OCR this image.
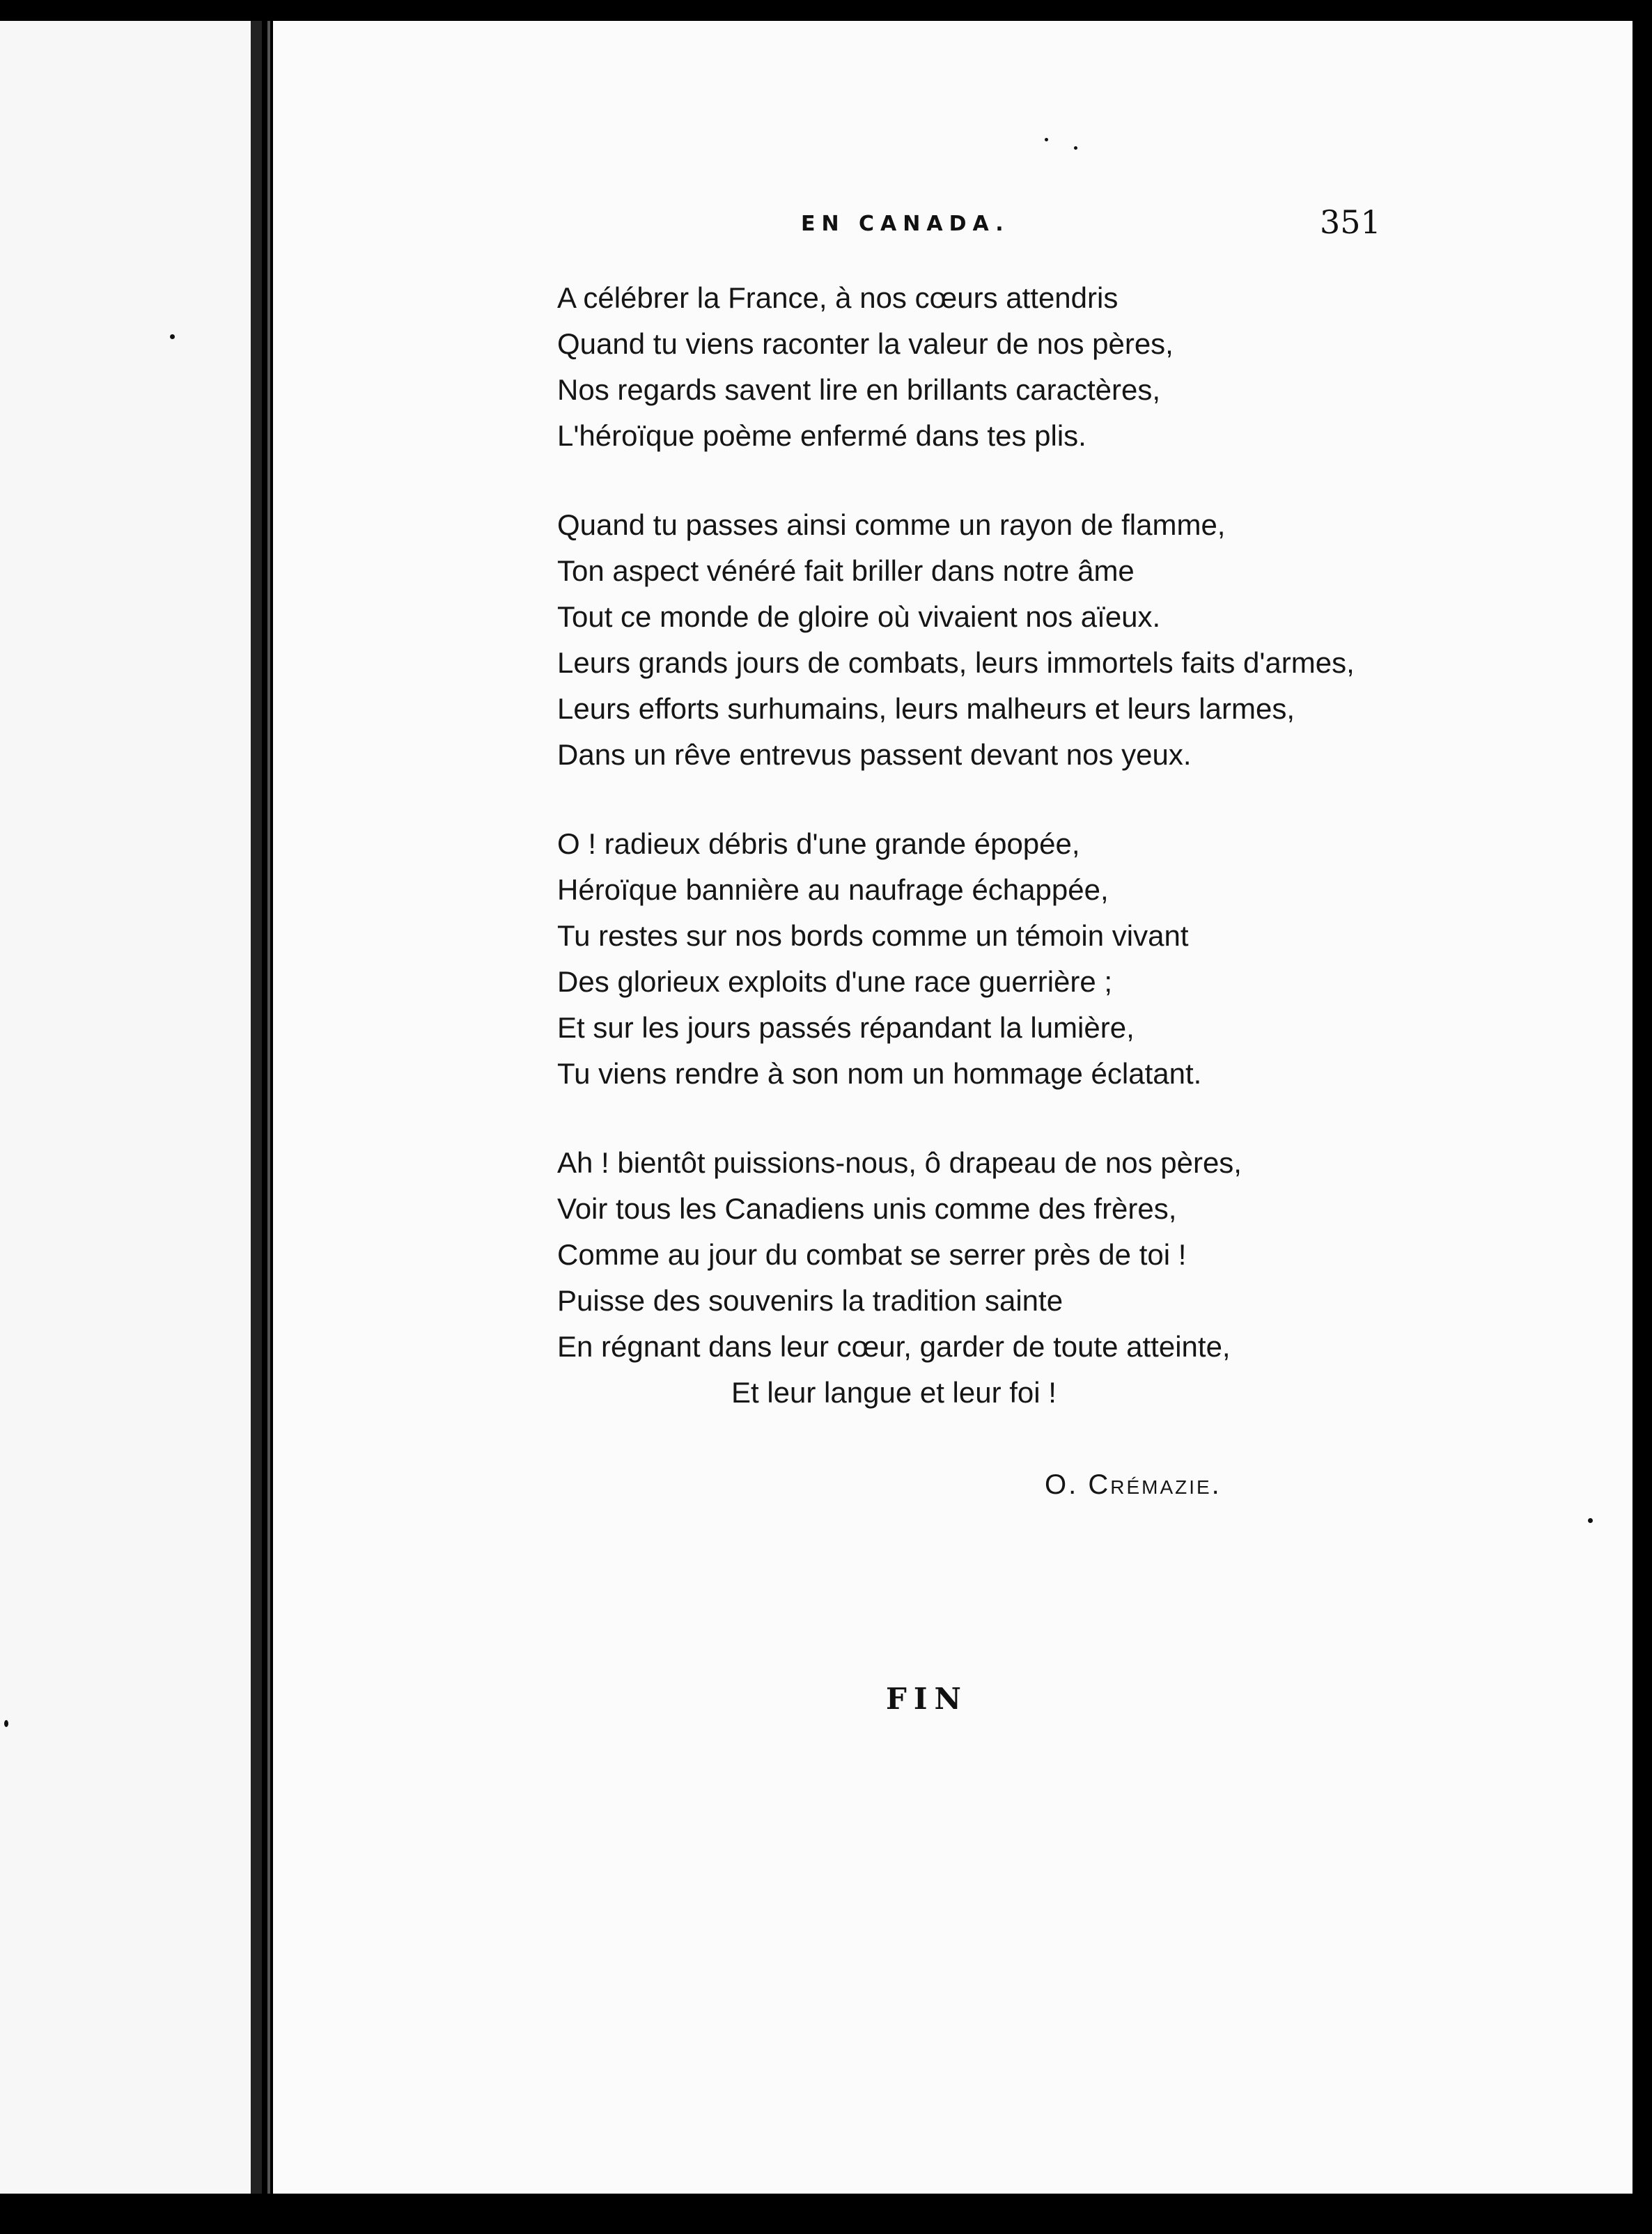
EN CANADA.	351
A célébrer la France, à nos cœurs attendris
Quand tu viens raconter la valeur de nos pères,
Nos regards savent lire en brillants caractères,
L'héroïque poème enfermé dans tes plis.
Quand tu passes ainsi comme un rayon de flamme,
Ton aspect vénéré fait briller dans notre âme
Tout ce monde de gloire où vivaient nos aïeux.
Leurs grands jours de combats, leurs immortels faits d'armes,
Leurs efforts surhumains, leurs malheurs et leurs larmes,
Dans un rêve entrevus passent devant nos yeux.
O ! radieux débris d'une grande épopée,
Héroïque bannière au naufrage échappée,
Tu restes sur nos bords comme un témoin vivant
Des glorieux exploits d'une race guerrière ;
Et sur les jours passés répandant la lumière,
Tu viens rendre à son nom un hommage éclatant.
Ah ! bientôt puissions-nous, ô drapeau de nos pères,
Voir tous les Canadiens unis comme des frères,
Comme au jour du combat se serrer près de toi !
Puisse des souvenirs la tradition sainte
En régnant dans leur cœur, garder de toute atteinte,
Et leur langue et leur foi !
O. Crémazie.
FIN
